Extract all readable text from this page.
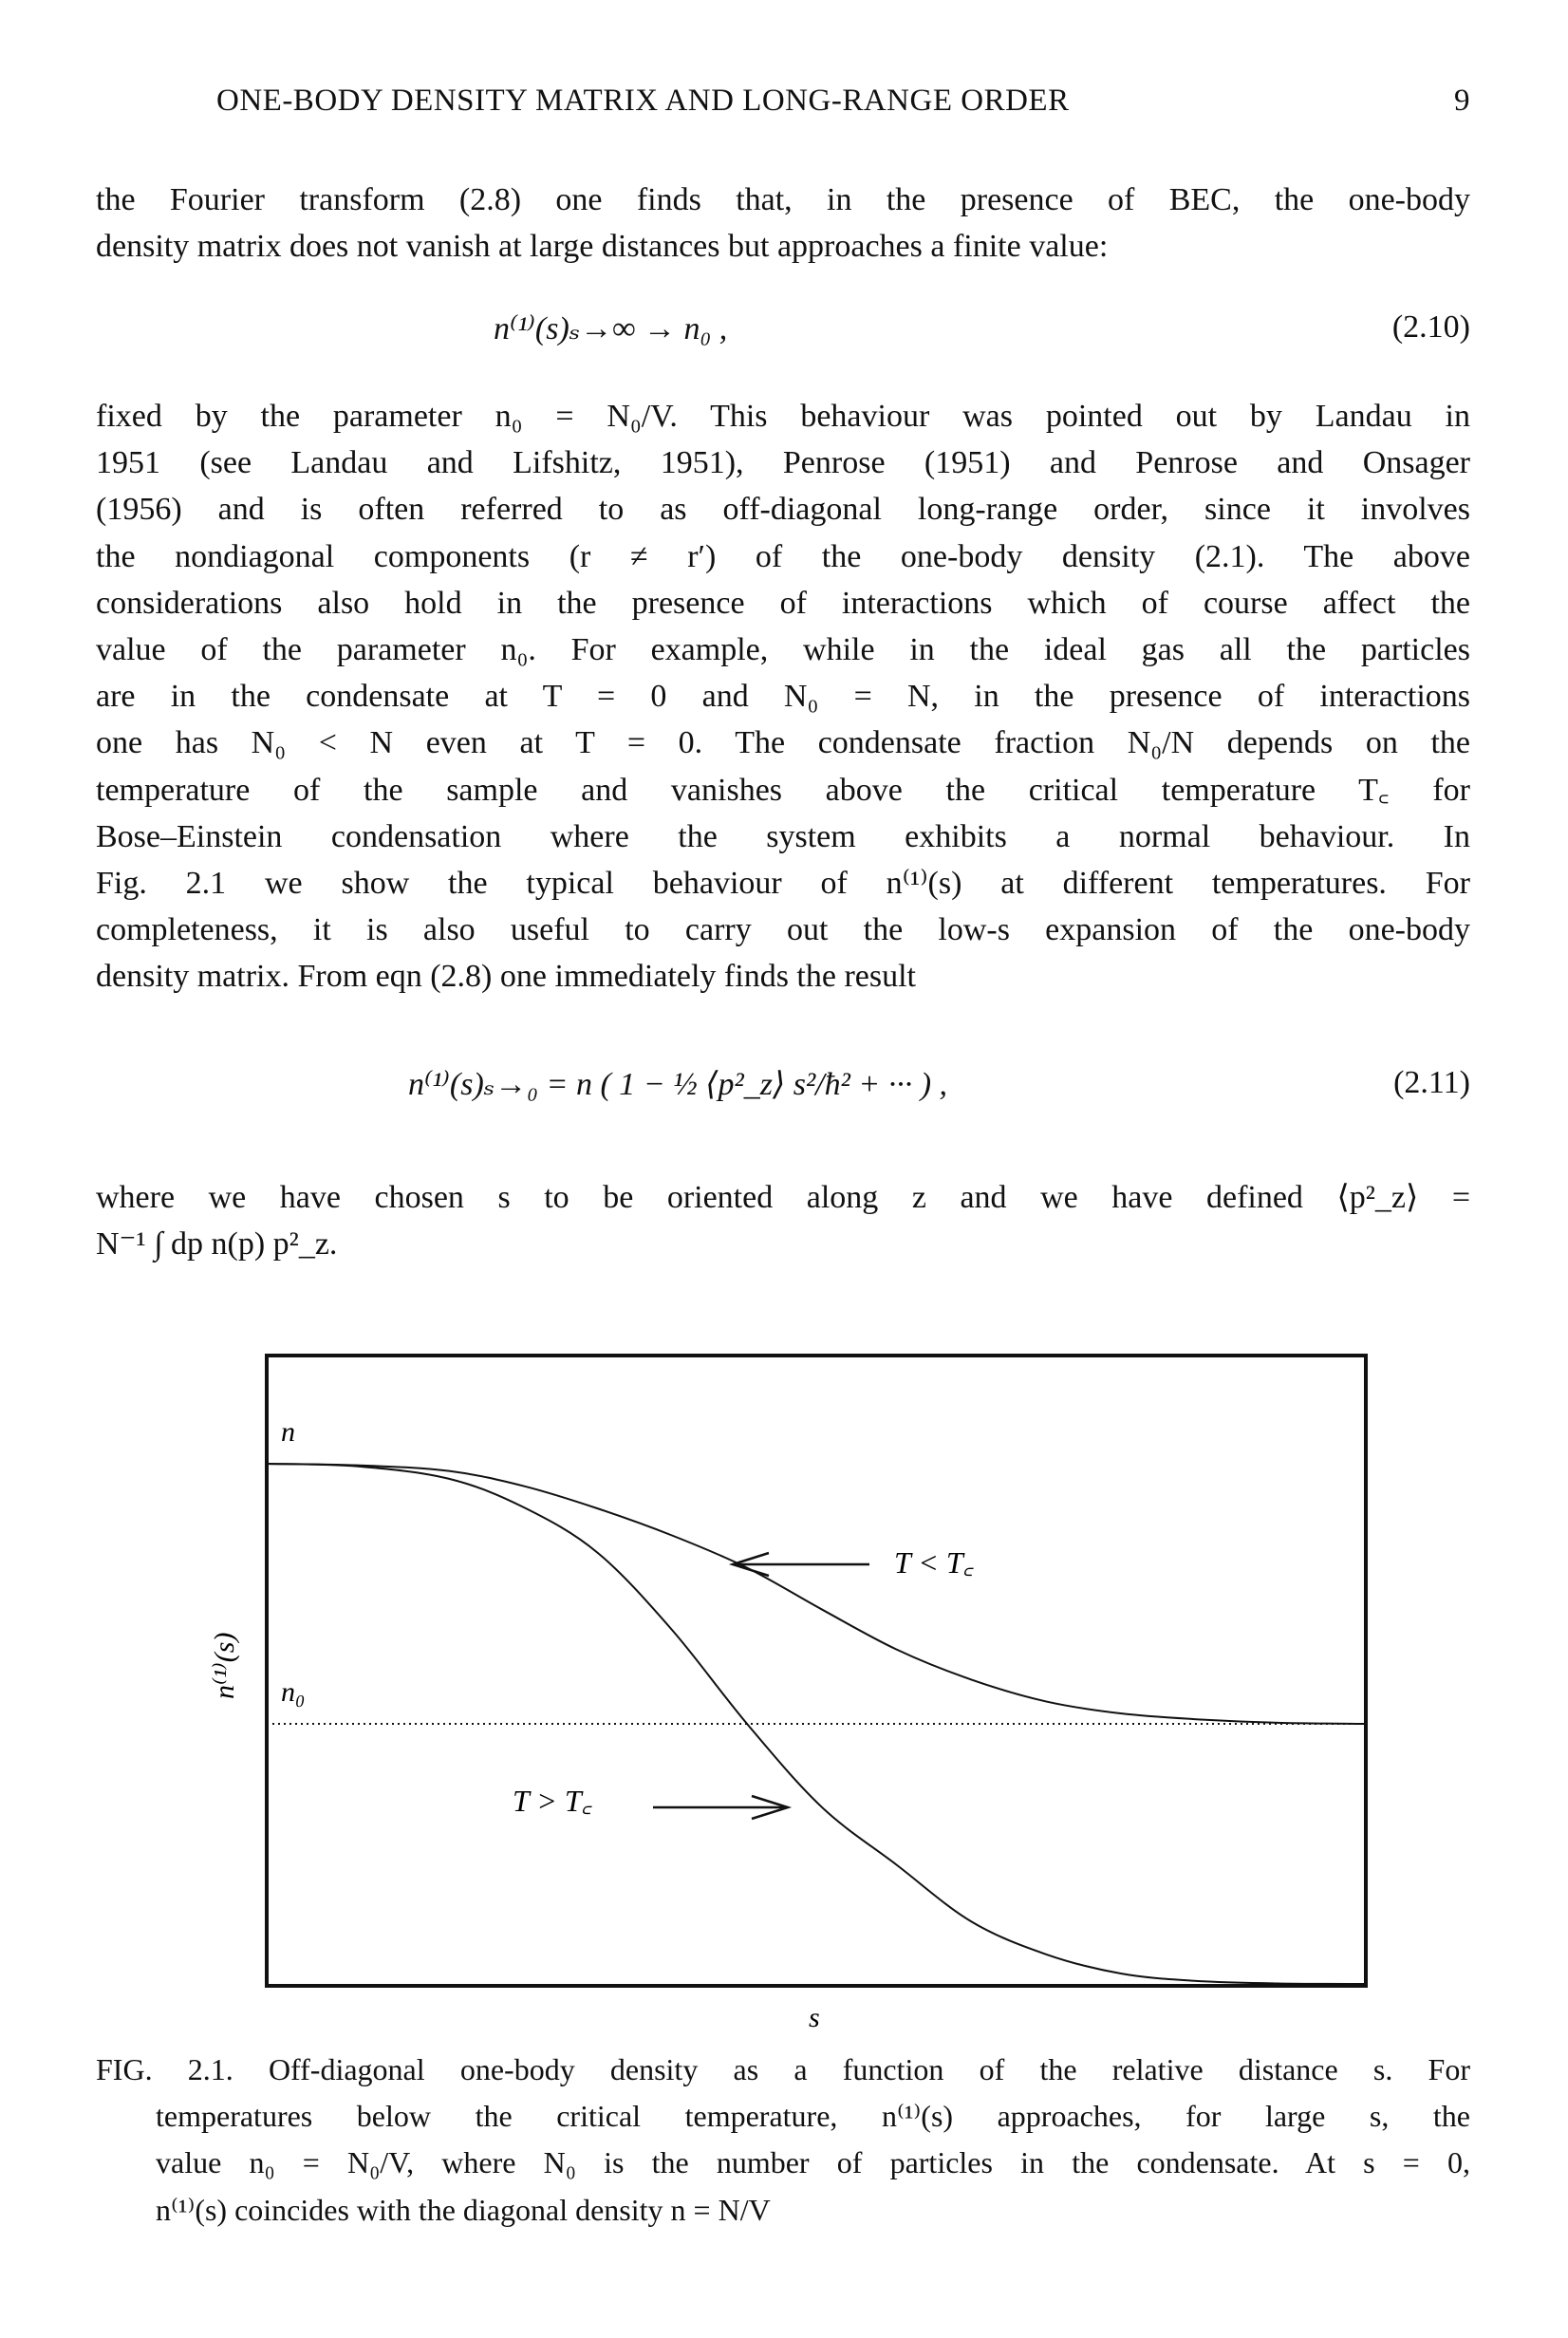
ONE-BODY DENSITY MATRIX AND LONG-RANGE ORDER	9
the Fourier transform (2.8) one finds that, in the presence of BEC, the one-body
density matrix does not vanish at large distances but approaches a finite value:
n⁽¹⁾(s)ₛ→∞ → n₀ ,	(2.10)
fixed by the parameter n₀ = N₀/V. This behaviour was pointed out by Landau in
1951 (see Landau and Lifshitz, 1951), Penrose (1951) and Penrose and Onsager
(1956) and is often referred to as off-diagonal long-range order, since it involves
the nondiagonal components (r ≠ r′) of the one-body density (2.1). The above
considerations also hold in the presence of interactions which of course affect the
value of the parameter n₀. For example, while in the ideal gas all the particles
are in the condensate at T = 0 and N₀ = N, in the presence of interactions
one has N₀ < N even at T = 0. The condensate fraction N₀/N depends on the
temperature of the sample and vanishes above the critical temperature T꜀ for
Bose–Einstein condensation where the system exhibits a normal behaviour. In
Fig. 2.1 we show the typical behaviour of n⁽¹⁾(s) at different temperatures. For
completeness, it is also useful to carry out the low-s expansion of the one-body
density matrix. From eqn (2.8) one immediately finds the result
n⁽¹⁾(s)ₛ→₀ = n ( 1 − ½ ⟨p²_z⟩ s²/ħ² + ··· ) ,	(2.11)
where we have chosen s to be oriented along z and we have defined ⟨p²_z⟩ =
N⁻¹ ∫ dp n(p) p²_z.
n
n₀
s
n⁽¹⁾(s)
T < T꜀
T > T꜀
FIG. 2.1. Off-diagonal one-body density as a function of the relative distance s. For
temperatures below the critical temperature, n⁽¹⁾(s) approaches, for large s, the
value n₀ = N₀/V, where N₀ is the number of particles in the condensate. At s = 0,
n⁽¹⁾(s) coincides with the diagonal density n = N/V
